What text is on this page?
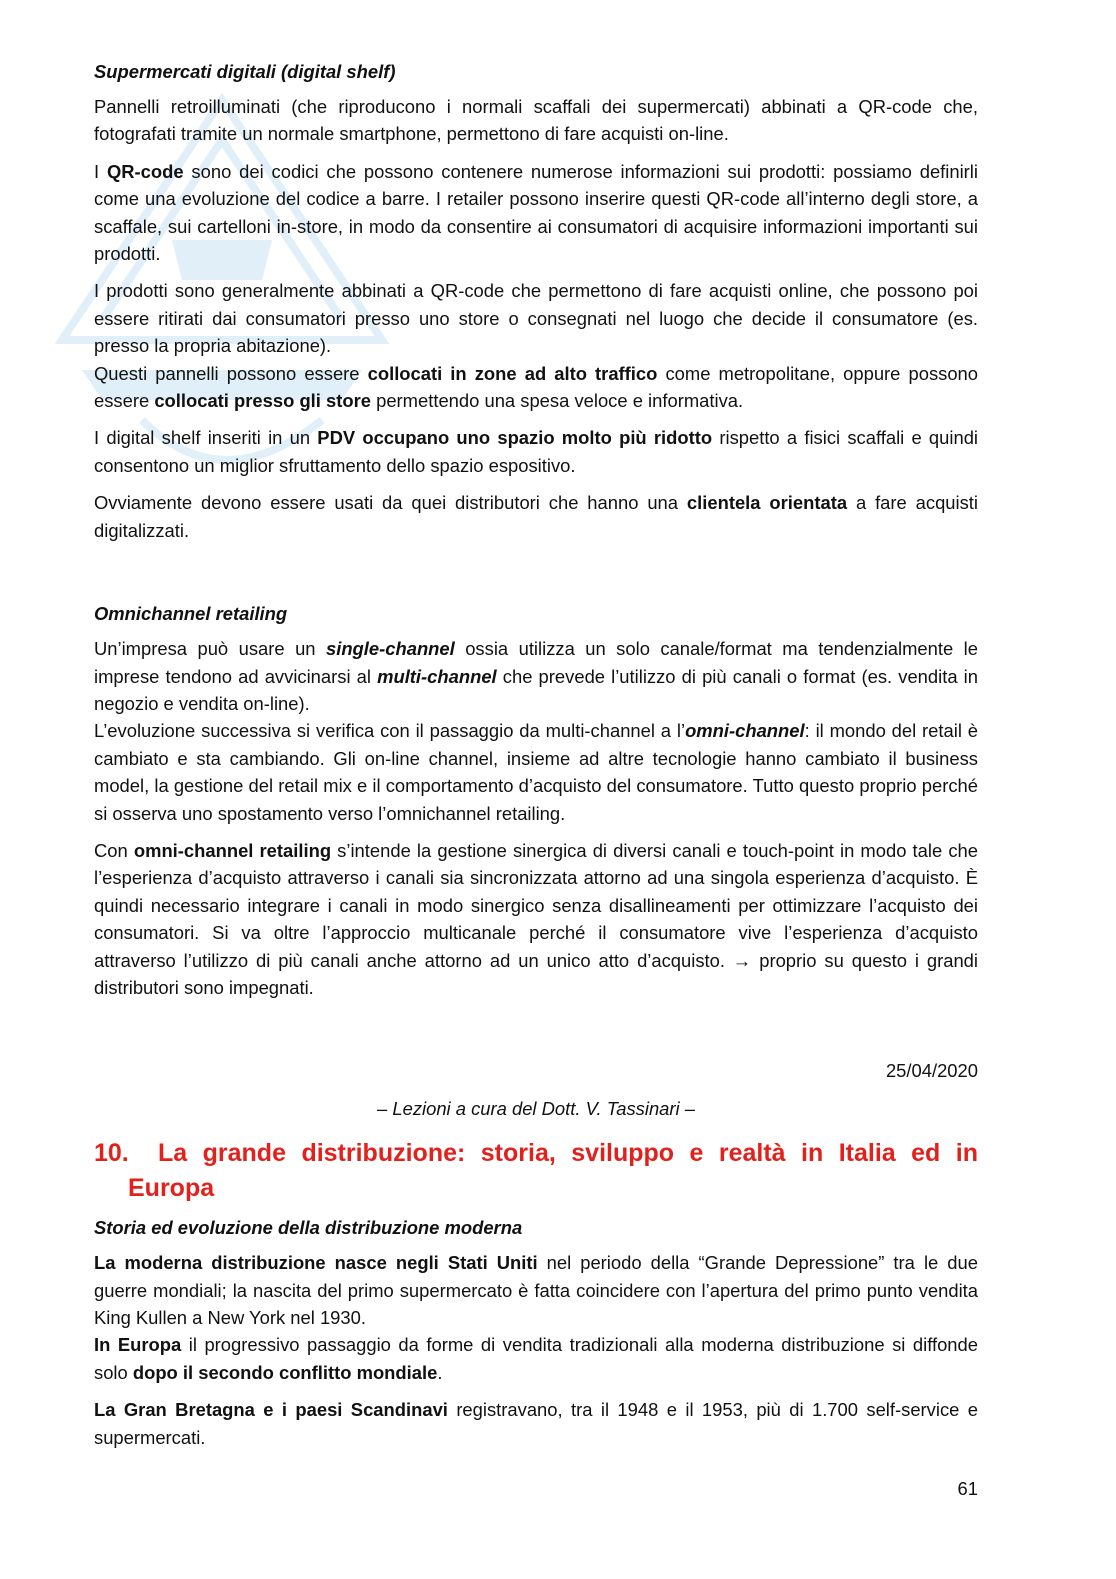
Supermercati digitali (digital shelf)

Pannelli retroilluminati (che riproducono i normali scaffali dei supermercati) abbinati a QR-code che, fotografati tramite un normale smartphone, permettono di fare acquisti on-line.

I QR-code sono dei codici che possono contenere numerose informazioni sui prodotti: possiamo definirli come una evoluzione del codice a barre. I retailer possono inserire questi QR-code all’interno degli store, a scaffale, sui cartelloni in-store, in modo da consentire ai consumatori di acquisire informazioni importanti sui prodotti.

I prodotti sono generalmente abbinati a QR-code che permettono di fare acquisti online, che possono poi essere ritirati dai consumatori presso uno store o consegnati nel luogo che decide il consumatore (es. presso la propria abitazione).

Questi pannelli possono essere collocati in zone ad alto traffico come metropolitane, oppure possono essere collocati presso gli store permettendo una spesa veloce e informativa.

I digital shelf inseriti in un PDV occupano uno spazio molto più ridotto rispetto a fisici scaffali e quindi consentono un miglior sfruttamento dello spazio espositivo.

Ovviamente devono essere usati da quei distributori che hanno una clientela orientata a fare acquisti digitalizzati.

Omnichannel retailing

Un’impresa può usare un single-channel ossia utilizza un solo canale/format ma tendenzialmente le imprese tendono ad avvicinarsi al multi-channel che prevede l’utilizzo di più canali o format (es. vendita in negozio e vendita on-line).

L’evoluzione successiva si verifica con il passaggio da multi-channel a l’omni-channel: il mondo del retail è cambiato e sta cambiando. Gli on-line channel, insieme ad altre tecnologie hanno cambiato il business model, la gestione del retail mix e il comportamento d’acquisto del consumatore. Tutto questo proprio perché si osserva uno spostamento verso l’omnichannel retailing.

Con omni-channel retailing s’intende la gestione sinergica di diversi canali e touch-point in modo tale che l’esperienza d’acquisto attraverso i canali sia sincronizzata attorno ad una singola esperienza d’acquisto. È quindi necessario integrare i canali in modo sinergico senza disallineamenti per ottimizzare l’acquisto dei consumatori. Si va oltre l’approccio multicanale perché il consumatore vive l’esperienza d’acquisto attraverso l’utilizzo di più canali anche attorno ad un unico atto d’acquisto. → proprio su questo i grandi distributori sono impegnati.

25/04/2020

– Lezioni a cura del Dott. V. Tassinari –

10. La grande distribuzione: storia, sviluppo e realtà in Italia ed in Europa
Storia ed evoluzione della distribuzione moderna

La moderna distribuzione nasce negli Stati Uniti nel periodo della “Grande Depressione” tra le due guerre mondiali; la nascita del primo supermercato è fatta coincidere con l’apertura del primo punto vendita King Kullen a New York nel 1930.

In Europa il progressivo passaggio da forme di vendita tradizionali alla moderna distribuzione si diffonde solo dopo il secondo conflitto mondiale.

La Gran Bretagna e i paesi Scandinavi registravano, tra il 1948 e il 1953, più di 1.700 self-service e supermercati.

61
